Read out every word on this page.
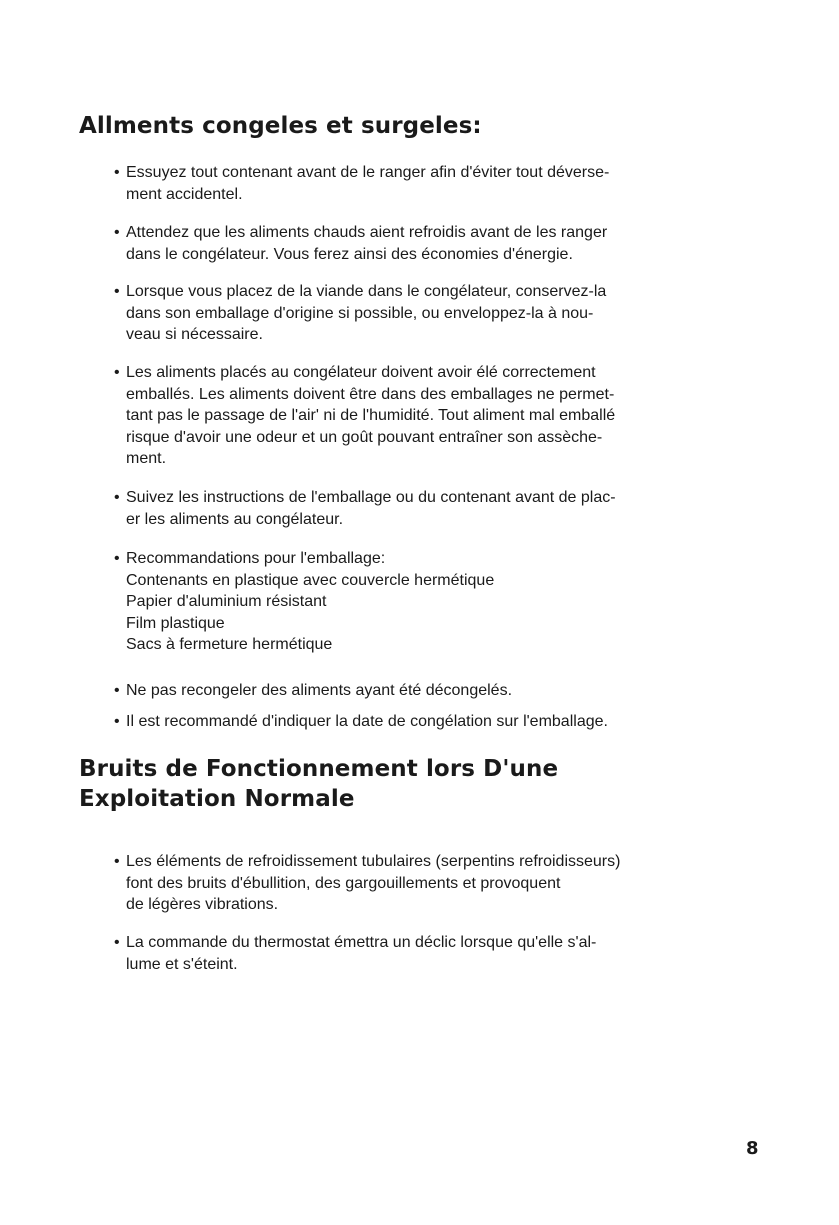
Allments congeles et surgeles:
• Essuyez tout contenant avant de le ranger afin d'éviter tout déverse-
ment accidentel.
• Attendez que les aliments chauds aient refroidis avant de les ranger
dans le congélateur. Vous ferez ainsi des économies d'énergie.
• Lorsque vous placez de la viande dans le congélateur, conservez-la
dans son emballage d'origine si possible, ou enveloppez-la à nou-
veau si nécessaire.
• Les aliments placés au congélateur doivent avoir élé correctement
emballés. Les aliments doivent être dans des emballages ne permet-
tant pas le passage de l'air' ni de l'humidité. Tout aliment mal emballé
risque d'avoir une odeur et un goût pouvant entraîner son assèche-
ment.
• Suivez les instructions de l'emballage ou du contenant avant de plac-
er les aliments au congélateur.
• Recommandations pour l'emballage:
Contenants en plastique avec couvercle hermétique
Papier d'aluminium résistant
Film plastique
Sacs à fermeture hermétique
• Ne pas recongeler des aliments ayant été décongelés.
• Il est recommandé d'indiquer la date de congélation sur l'emballage.
Bruits de Fonctionnement lors D'une
Exploitation Normale
• Les éléments de refroidissement tubulaires (serpentins refroidisseurs)
font des bruits d'ébullition, des gargouillements et provoquent
de légères vibrations.
• La commande du thermostat émettra un déclic lorsque qu'elle s'al-
lume et s'éteint.
8
